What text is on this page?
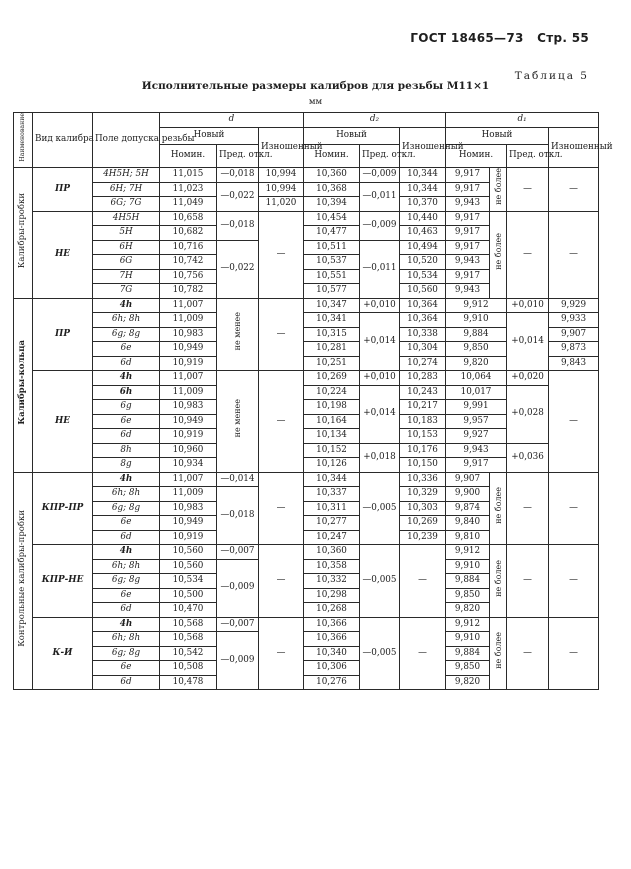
ГОСТ 18465—73 Стр. 55
Таблица 5
Исполнительные размеры калибров для резьбы M11×1
мм
Наименование	Вид калибра	Поле допуска резьбы	d			d₂			d₁			
			Новый		Изношенный	Новый		Изношенный	Новый			Изношенный
			Номин.	Пред. откл.		Номин.	Пред. откл.		Номин.		Пред. откл.	
Калибры-пробки	ПР	4H5H; 5H	11,015	—0,018	10,994	10,360	—0,009	10,344	9,917	не более	—	—
		6H; 7H	11,023	—0,022	10,994	10,368	—0,011	10,344	9,917			
		6G; 7G	11,049		11,020	10,394		10,370	9,943			
	НЕ	4H5H	10,658	—0,018	—	10,454	—0,009	10,440	9,917	не более	—	—
		5H	10,682			10,477		10,463	9,917			
		6H	10,716	—0,022		10,511	—0,011	10,494	9,917			
		6G	10,742			10,537		10,520	9,943			
		7H	10,756			10,551		10,534	9,917			
		7G	10,782			10,577		10,560	9,943			
Калибры-кольца	ПР	4h	11,007	не менее	—	10,347	+0,010	10,364	9,912		+0,010	9,929
		6h; 8h	11,009			10,341	+0,014	10,364	9,910		+0,014	9,933
		6g; 8g	10,983			10,315		10,338	9,884			9,907
		6e	10,949			10,281		10,304	9,850			9,873
		6d	10,919			10,251		10,274	9,820			9,843
	НЕ	4h	11,007	не менее	—	10,269	+0,010	10,283	10,064		+0,020	—
		6h	11,009			10,224	+0,014	10,243	10,017		+0,028	
		6g	10,983			10,198		10,217	9,991			
		6e	10,949			10,164		10,183	9,957			
		6d	10,919			10,134		10,153	9,927			
		8h	10,960			10,152	+0,018	10,176	9,943		+0,036	
		8g	10,934			10,126		10,150	9,917			
Контрольные калибры-пробки	КПР-ПР	4h	11,007	—0,014	—	10,344	—0,005	10,336	9,907	не более	—	—
		6h; 8h	11,009	—0,018		10,337		10,329	9,900			
		6g; 8g	10,983			10,311		10,303	9,874			
		6e	10,949			10,277		10,269	9,840			
		6d	10,919			10,247		10,239	9,810			
	КПР-НЕ	4h	10,560	—0,007	—	10,360	—0,005	—	9,912	не более	—	—
		6h; 8h	10,560	—0,009		10,358			9,910			
		6g; 8g	10,534			10,332			9,884			
		6e	10,500			10,298			9,850			
		6d	10,470			10,268			9,820			
	К-И	4h	10,568	—0,007	—	10,366	—0,005	—	9,912	не более	—	—
		6h; 8h	10,568	—0,009		10,366			9,910			
		6g; 8g	10,542			10,340			9,884			
		6e	10,508			10,306			9,850			
		6d	10,478			10,276			9,820			
